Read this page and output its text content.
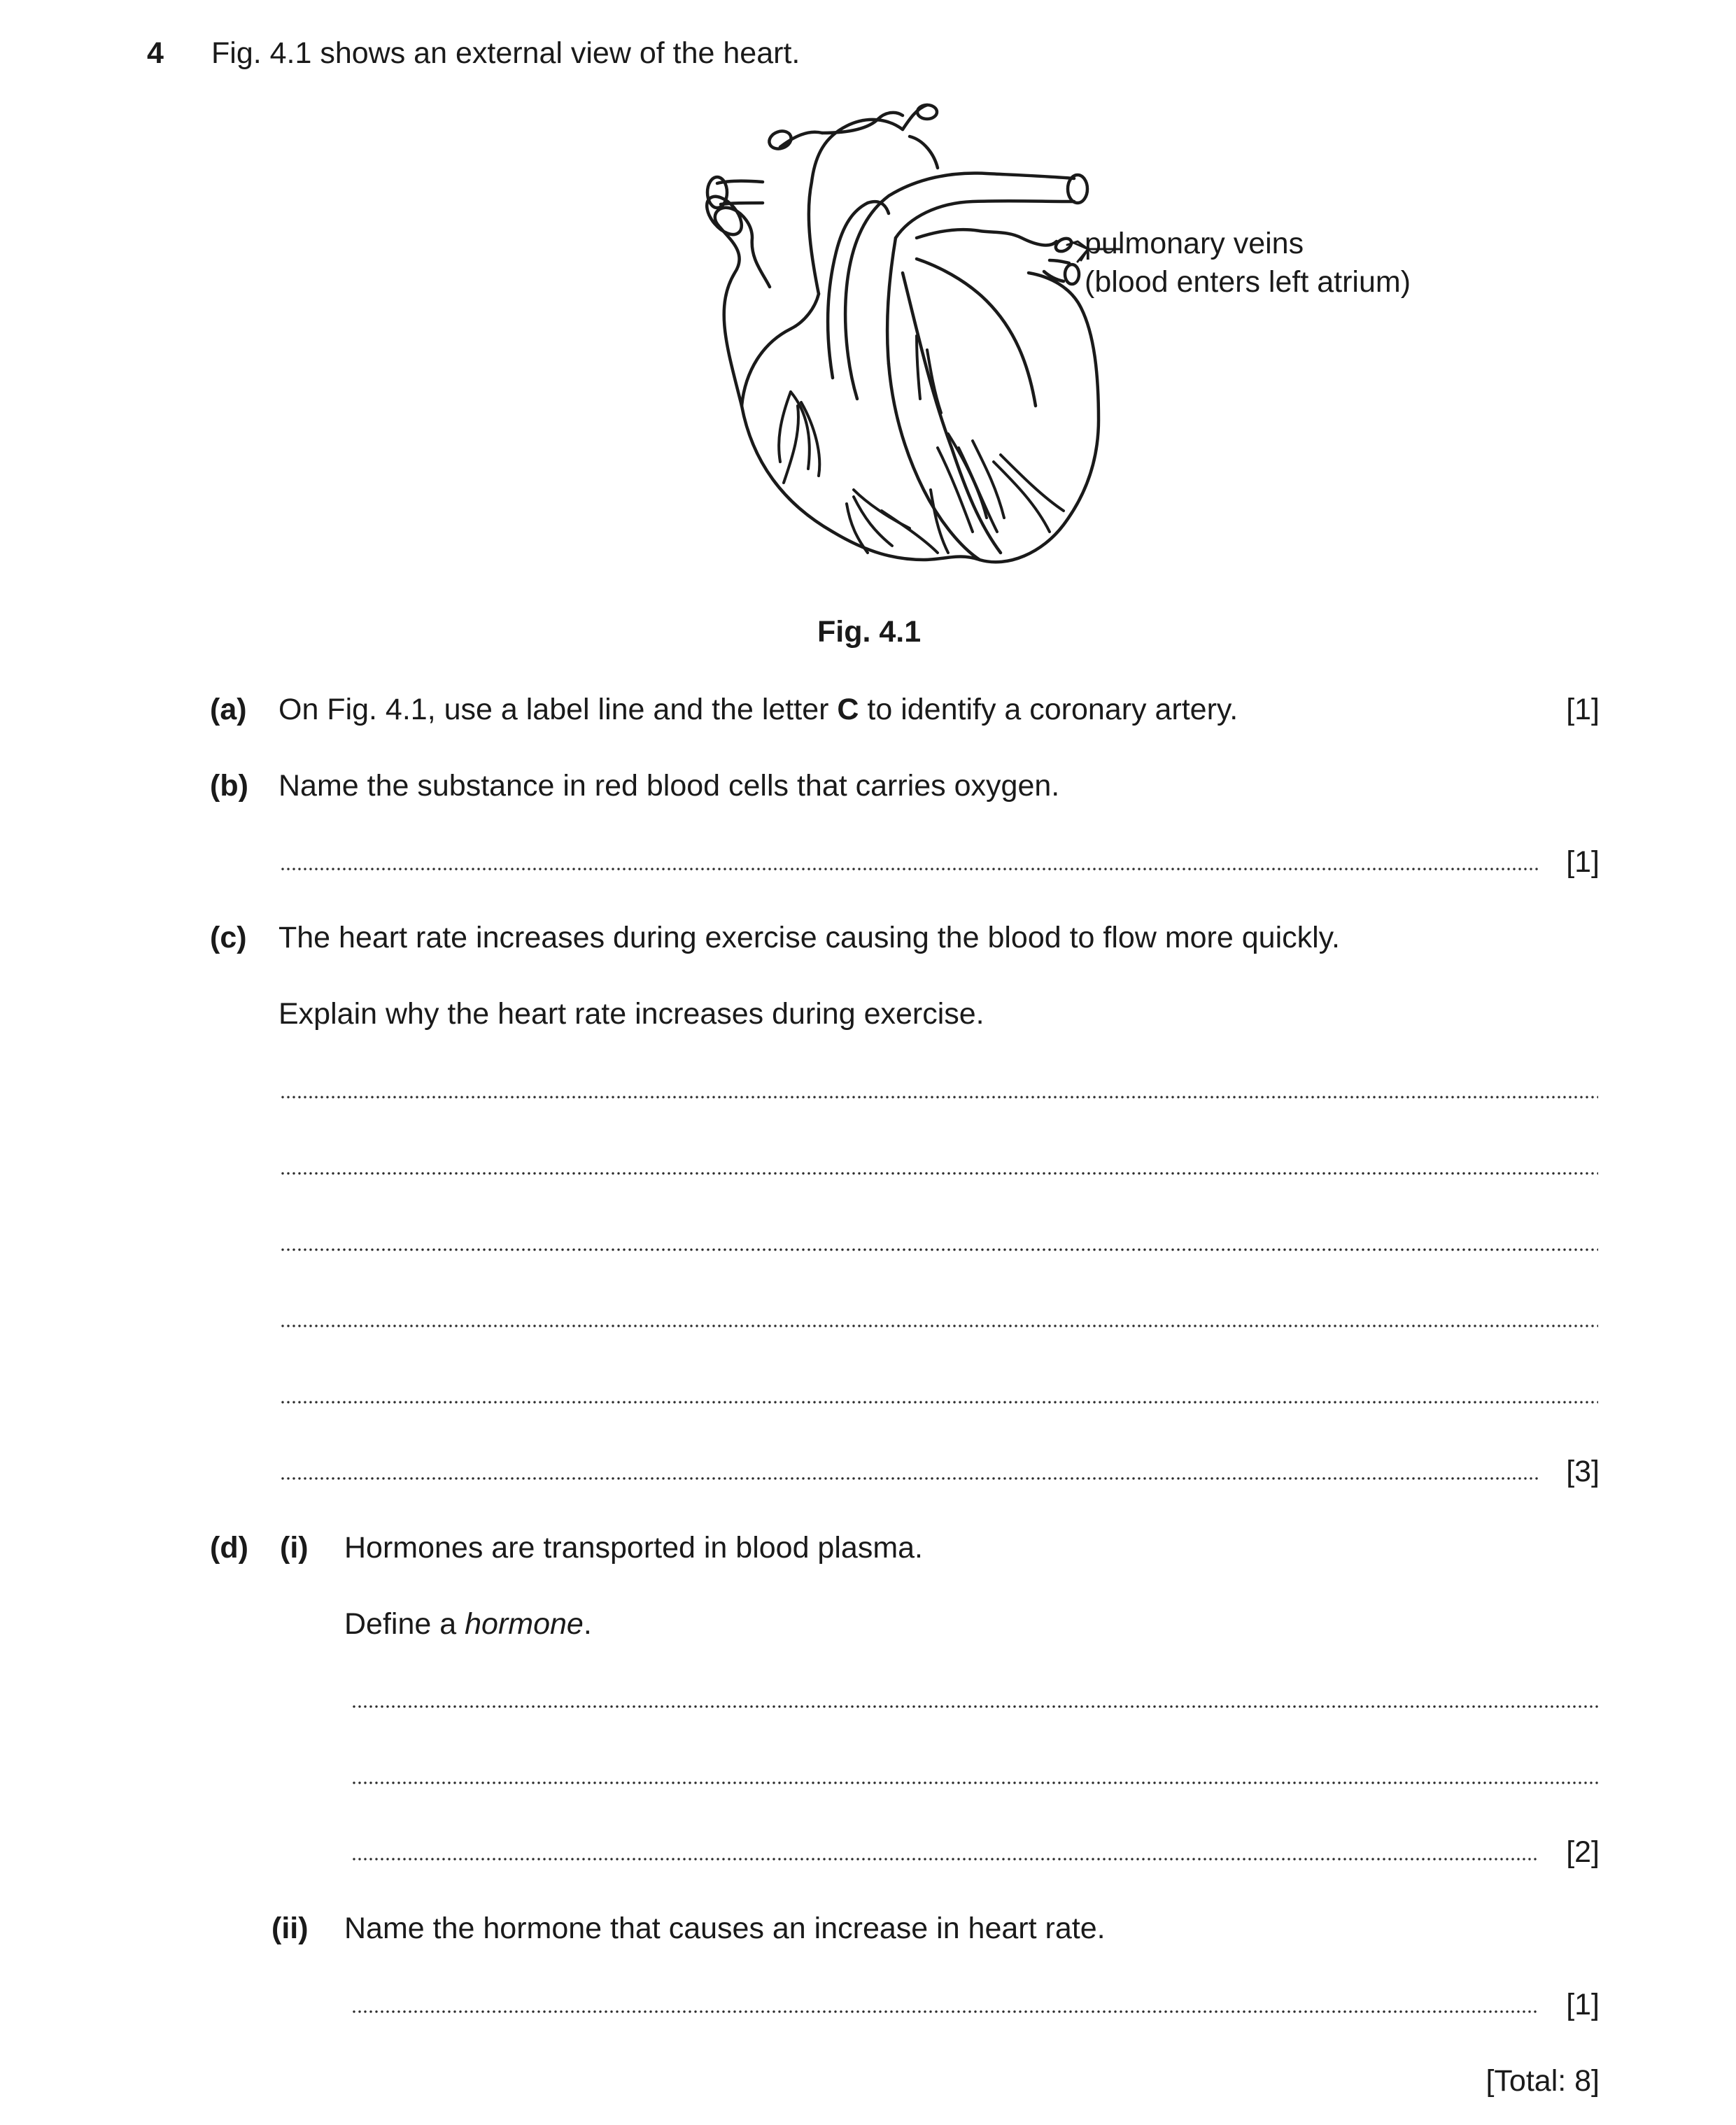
4 Fig. 4.1 shows an external view of the heart.
pulmonary veins
(blood enters left atrium)
Fig. 4.1
(a) On Fig. 4.1, use a label line and the letter C to identify a coronary artery.	[1]
(b) Name the substance in red blood cells that carries oxygen.
[1]
(c) The heart rate increases during exercise causing the blood to flow more quickly.
Explain why the heart rate increases during exercise.
[3]
(d) (i) Hormones are transported in blood plasma.
Define a hormone.
[2]
(ii) Name the hormone that causes an increase in heart rate.
[1]
[Total: 8]
